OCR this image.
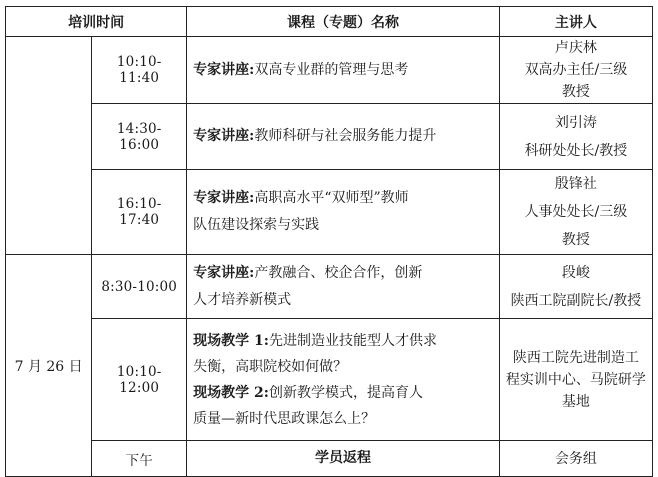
培训时间		课程（专题）名称	主讲人
	10:10-11:40	专家讲座:双高专业群的管理与思考	卢庆林
双高办主任/三级
教授

	14:30-16:00	专家讲座:教师科研与社会服务能力提升	刘引涛
科研处处长/教授

	16:10-17:40	专家讲座:高职高水平“双师型”教师
队伍建设探索与实践	殷锋社
人事处处长/三级
教授

7 月 26 日	8:30-10:00	专家讲座:产教融合、校企合作，创新
人才培养新模式	段峻
陕西工院副院长/教授

	10:10-12:00	现场教学 1:先进制造业技能型人才供求
失衡，高职院校如何做？
现场教学 2:创新教学模式，提高育人
质量—新时代思政课怎么上？	陕西工院先进制造工
程实训中心、马院研学
基地

	下午	学员返程	会务组
